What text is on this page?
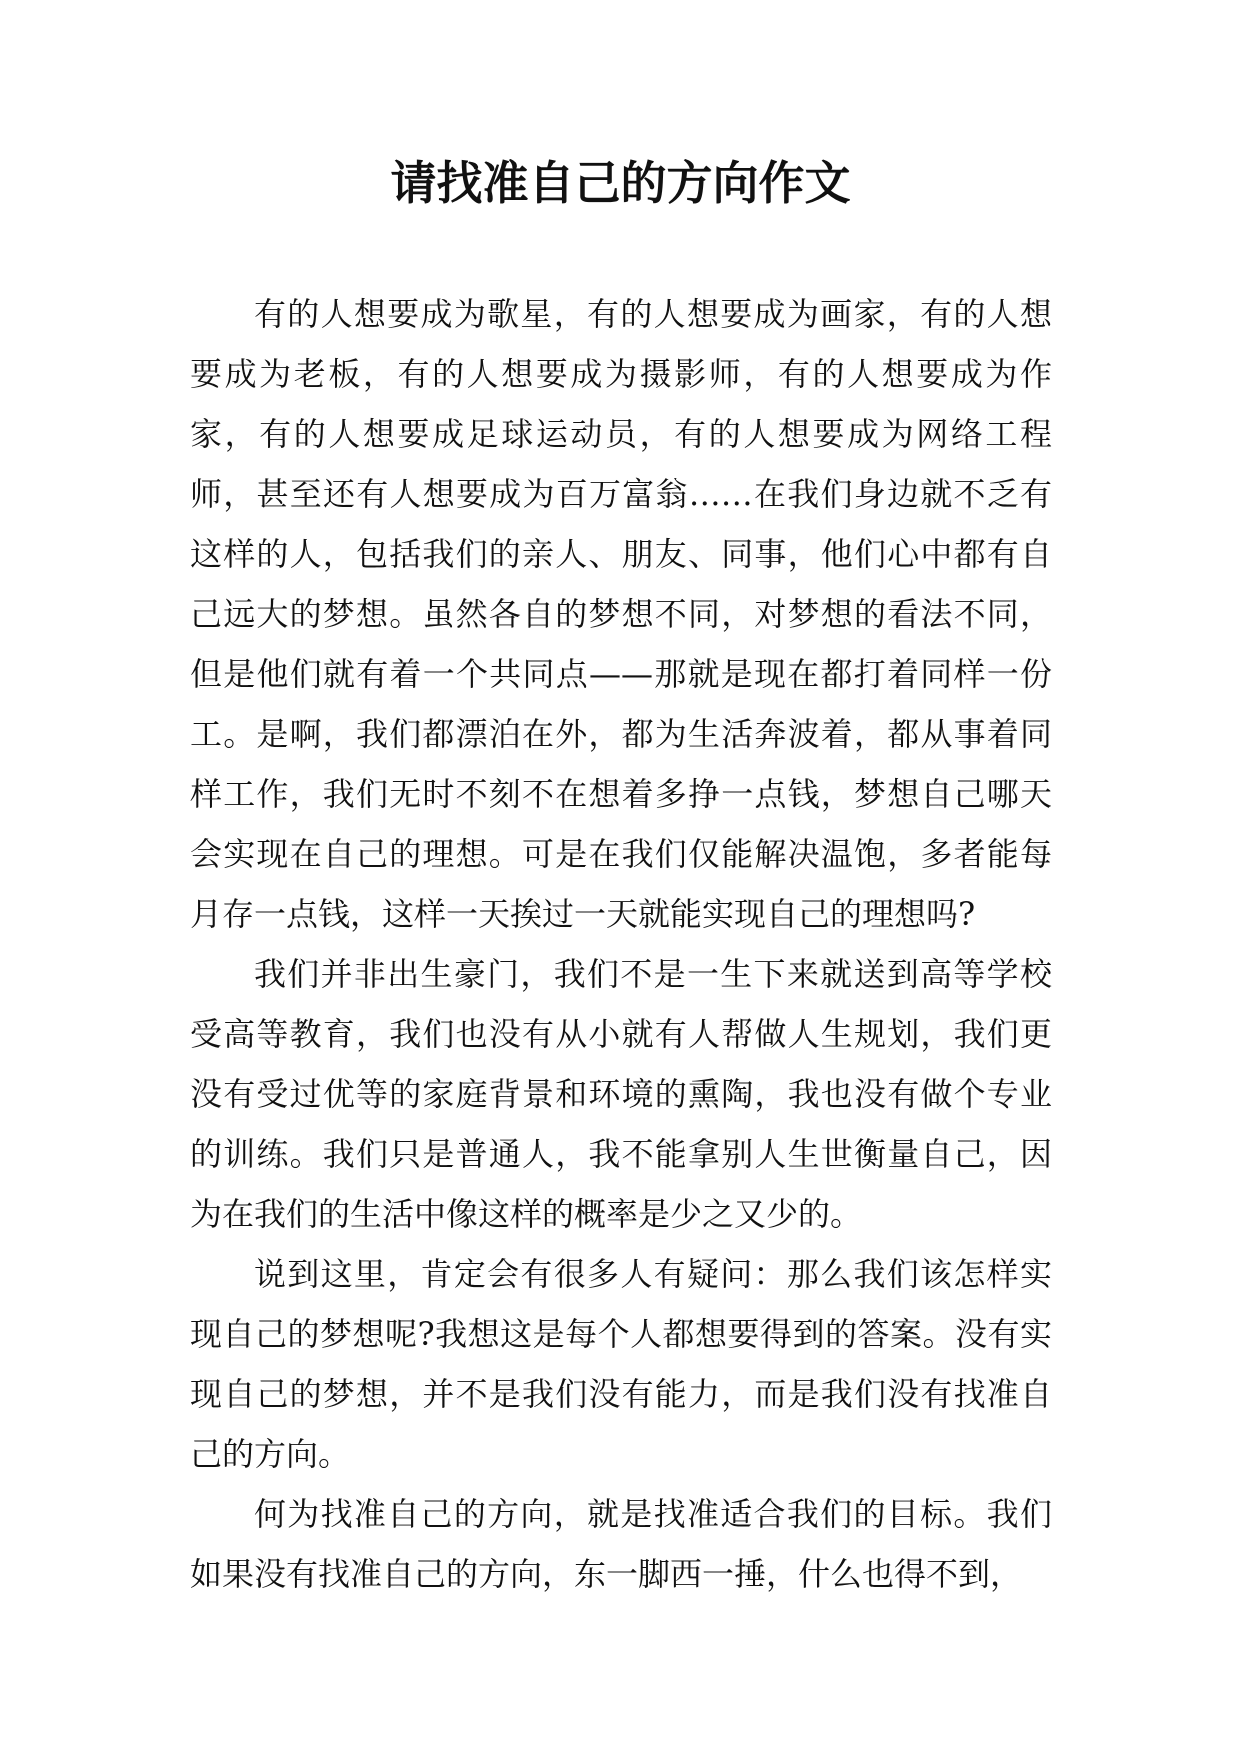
请找准自己的方向作文

有的人想要成为歌星，有的人想要成为画家，有的人想要成为老板，有的人想要成为摄影师，有的人想要成为作家，有的人想要成足球运动员，有的人想要成为网络工程师，甚至还有人想要成为百万富翁……在我们身边就不乏有这样的人，包括我们的亲人、朋友、同事，他们心中都有自己远大的梦想。虽然各自的梦想不同，对梦想的看法不同，但是他们就有着一个共同点——那就是现在都打着同样一份工。是啊，我们都漂泊在外，都为生活奔波着，都从事着同样工作，我们无时不刻不在想着多挣一点钱，梦想自己哪天会实现在自己的理想。可是在我们仅能解决温饱，多者能每月存一点钱，这样一天挨过一天就能实现自己的理想吗?

我们并非出生豪门，我们不是一生下来就送到高等学校受高等教育，我们也没有从小就有人帮做人生规划，我们更没有受过优等的家庭背景和环境的熏陶，我也没有做个专业的训练。我们只是普通人，我不能拿别人生世衡量自己，因为在我们的生活中像这样的概率是少之又少的。

说到这里，肯定会有很多人有疑问：那么我们该怎样实现自己的梦想呢?我想这是每个人都想要得到的答案。没有实现自己的梦想，并不是我们没有能力，而是我们没有找准自己的方向。

何为找准自己的方向，就是找准适合我们的目标。我们如果没有找准自己的方向，东一脚西一捶，什么也得不到，
